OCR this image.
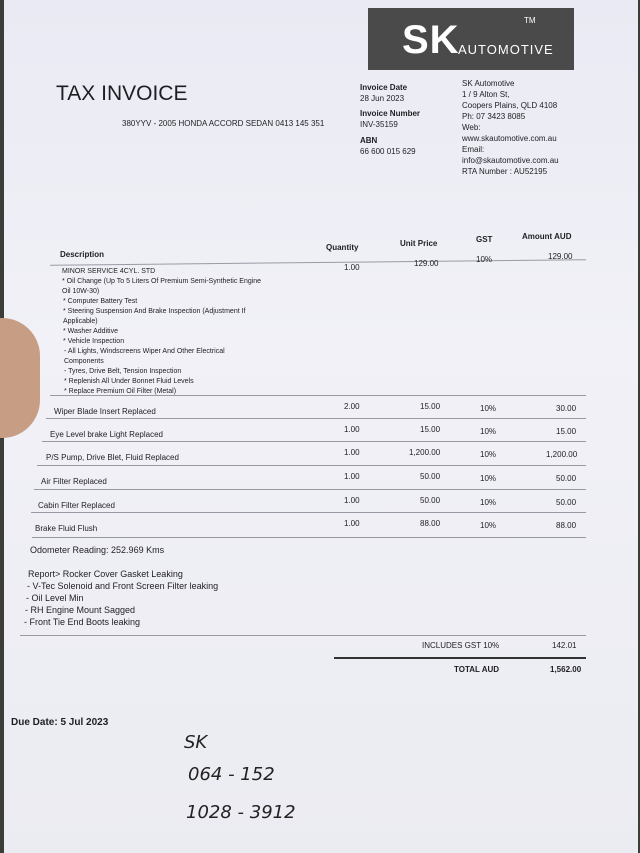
SK
AUTOMOTIVE
TM
TAX INVOICE
380YYV - 2005 HONDA ACCORD SEDAN 0413 145 351
Invoice Date
28 Jun 2023
Invoice Number
INV-35159
ABN
66 600 015 629
SK Automotive
1 / 9 Alton St,
Coopers Plains, QLD 4108
Ph: 07 3423 8085
Web:
www.skautomotive.com.au
Email:
info@skautomotive.com.au
RTA Number : AU52195
Description
Quantity	Unit Price	GST	Amount AUD
MINOR SERVICE 4CYL. STD
* Oil Change (Up To 5 Liters Of Premium Semi-Synthetic Engine
Oil 10W-30)
* Computer Battery Test
* Steering Suspension And Brake Inspection (Adjustment If
Applicable)
* Washer Additive
* Vehicle Inspection
- All Lights, Windscreens Wiper And Other Electrical
Components
- Tyres, Drive Belt, Tension Inspection
* Replenish All Under Bonnet Fluid Levels
* Replace Premium Oil Filter (Metal)
1.00	129.00	10%	129.00
Wiper Blade Insert Replaced
2.00	15.00	10%	30.00
Eye Level brake Light Replaced
1.00	15.00	10%	15.00
P/S Pump, Drive Blet, Fluid Replaced
1.00	1,200.00	10%	1,200.00
Air Filter Replaced
1.00	50.00	10%	50.00
Cabin Filter Replaced
1.00	50.00	10%	50.00
Brake Fluid Flush
1.00	88.00	10%	88.00
Odometer Reading: 252.969 Kms
Report> Rocker Cover Gasket Leaking
- V-Tec Solenoid and Front Screen Filter leaking
- Oil Level Min
- RH Engine Mount Sagged
- Front Tie End Boots leaking
INCLUDES GST 10%	142.01
TOTAL AUD	1,562.00
Due Date: 5 Jul 2023
SK
064 - 152
1028 - 3912
